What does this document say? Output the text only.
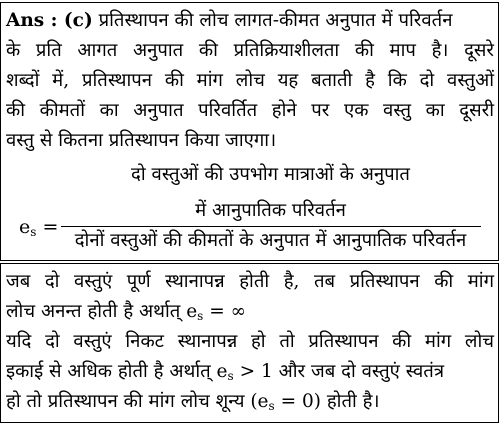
Ans : (c) प्रतिस्थापन की लोच लागत-कीमत अनुपात में परिवर्तन
के प्रति आगत अनुपात की प्रतिक्रियाशीलता की माप है। दूसरे
शब्दों में, प्रतिस्थापन की मांग लोच यह बताती है कि दो वस्तुओं
की कीमतों का अनुपात परिवर्तित होने पर एक वस्तु का दूसरी
वस्तु से कितना प्रतिस्थापन किया जाएगा।
दो वस्तुओं की उपभोग मात्राओं के अनुपात
में आनुपातिक परिवर्तन
$e_s$ =
दोनों वस्तुओं की कीमतों के अनुपात में आनुपातिक परिवर्तन
जब दो वस्तुएं पूर्ण स्थानापन्न होती है, तब प्रतिस्थापन की मांग
लोच अनन्त होती है अर्थात् $e_s$ = ∞
यदि दो वस्तुएं निकट स्थानापन्न हो तो प्रतिस्थापन की मांग लोच
इकाई से अधिक होती है अर्थात् $e_s > 1$ और जब दो वस्तुएं स्वतंत्र
हो तो प्रतिस्थापन की मांग लोच शून्य $(e_s = 0)$ होती है।
